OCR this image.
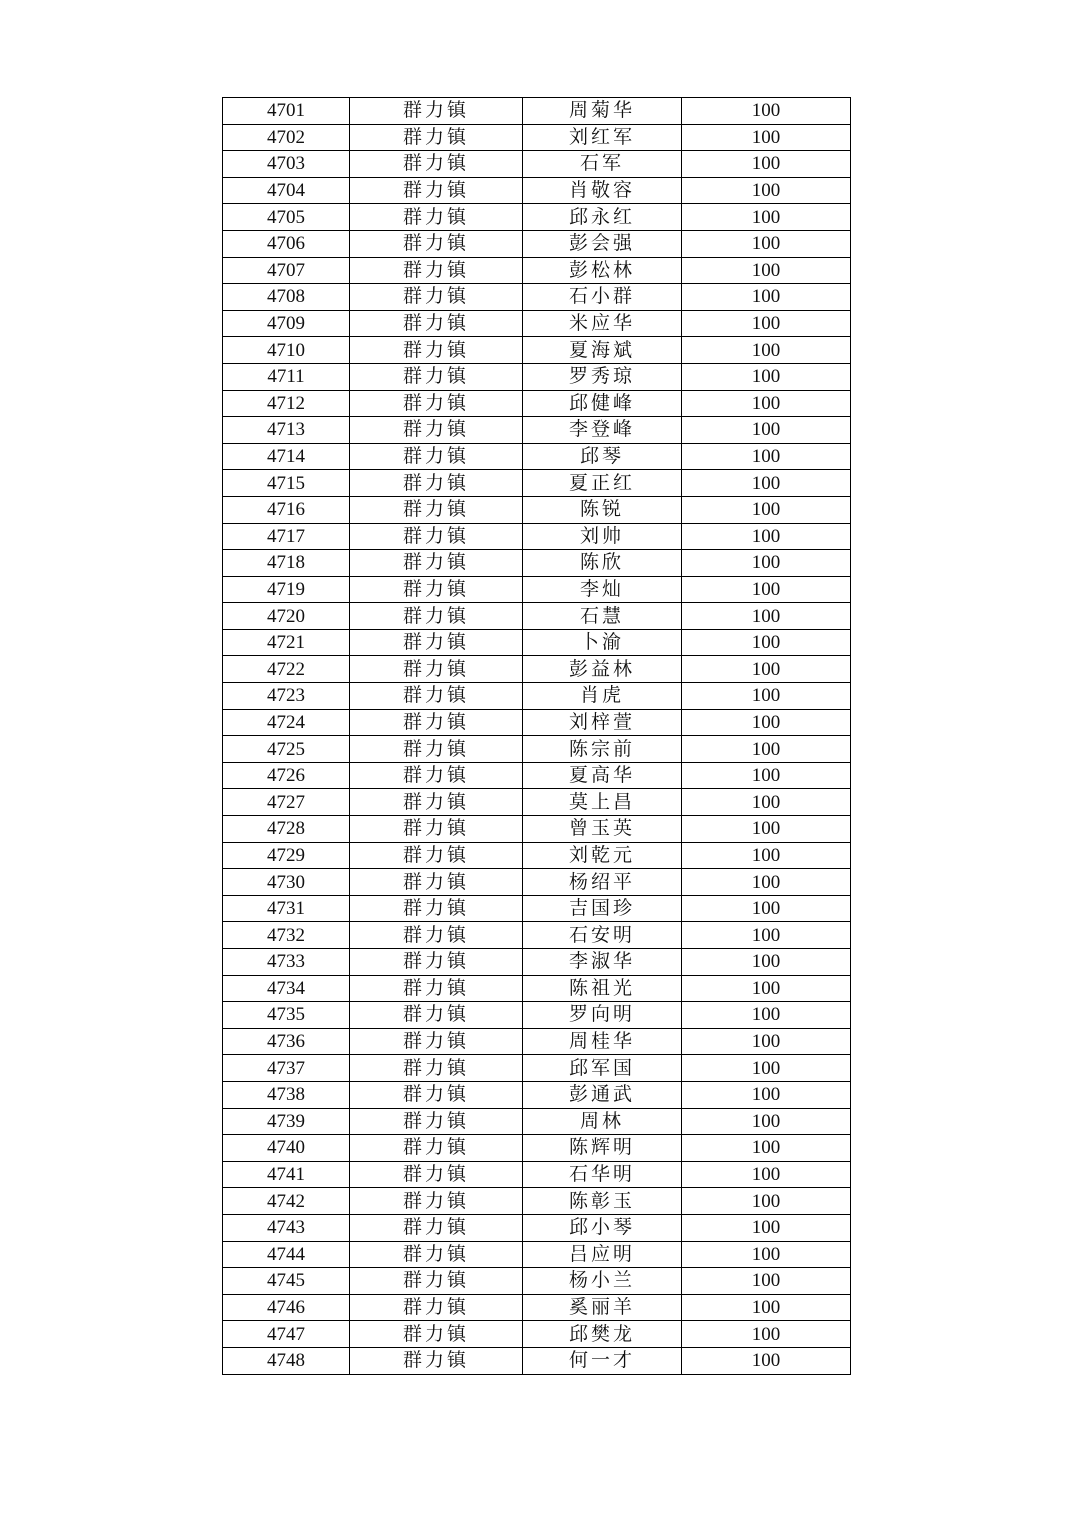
4701	群力镇	周菊华	100
4702	群力镇	刘红军	100
4703	群力镇	石军	100
4704	群力镇	肖敬容	100
4705	群力镇	邱永红	100
4706	群力镇	彭会强	100
4707	群力镇	彭松林	100
4708	群力镇	石小群	100
4709	群力镇	米应华	100
4710	群力镇	夏海斌	100
4711	群力镇	罗秀琼	100
4712	群力镇	邱健峰	100
4713	群力镇	李登峰	100
4714	群力镇	邱琴	100
4715	群力镇	夏正红	100
4716	群力镇	陈锐	100
4717	群力镇	刘帅	100
4718	群力镇	陈欣	100
4719	群力镇	李灿	100
4720	群力镇	石慧	100
4721	群力镇	卜渝	100
4722	群力镇	彭益林	100
4723	群力镇	肖虎	100
4724	群力镇	刘梓萱	100
4725	群力镇	陈宗前	100
4726	群力镇	夏高华	100
4727	群力镇	莫上昌	100
4728	群力镇	曾玉英	100
4729	群力镇	刘乾元	100
4730	群力镇	杨绍平	100
4731	群力镇	吉国珍	100
4732	群力镇	石安明	100
4733	群力镇	李淑华	100
4734	群力镇	陈祖光	100
4735	群力镇	罗向明	100
4736	群力镇	周桂华	100
4737	群力镇	邱军国	100
4738	群力镇	彭通武	100
4739	群力镇	周林	100
4740	群力镇	陈辉明	100
4741	群力镇	石华明	100
4742	群力镇	陈彰玉	100
4743	群力镇	邱小琴	100
4744	群力镇	吕应明	100
4745	群力镇	杨小兰	100
4746	群力镇	奚丽羊	100
4747	群力镇	邱樊龙	100
4748	群力镇	何一才	100
